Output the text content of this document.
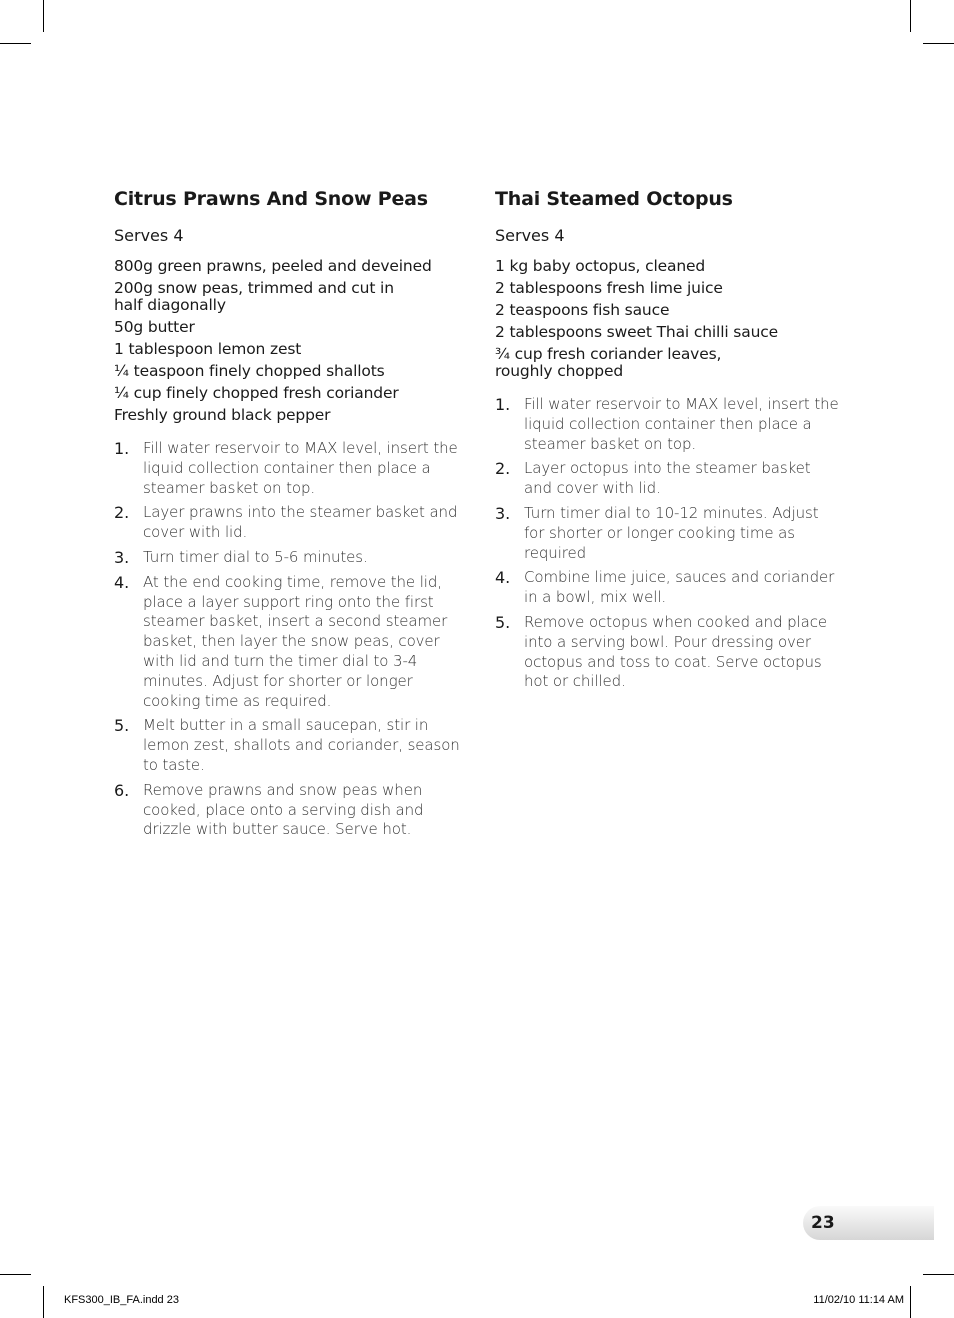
Citrus Prawns And Snow Peas
Serves 4
800g green prawns, peeled and deveined
200g snow peas, trimmed and cut in half diagonally
50g butter
1 tablespoon lemon zest
¼ teaspoon finely chopped shallots
¼ cup finely chopped fresh coriander
Freshly ground black pepper
1. Fill water reservoir to MAX level, insert the liquid collection container then place a steamer basket on top.
2. Layer prawns into the steamer basket and cover with lid.
3. Turn timer dial to 5-6 minutes.
4. At the end cooking time, remove the lid, place a layer support ring onto the first steamer basket, insert a second steamer basket, then layer the snow peas, cover with lid and turn the timer dial to 3-4 minutes. Adjust for shorter or longer cooking time as required.
5. Melt butter in a small saucepan, stir in lemon zest, shallots and coriander, season to taste.
6. Remove prawns and snow peas when cooked, place onto a serving dish and drizzle with butter sauce. Serve hot.
Thai Steamed Octopus
Serves 4
1 kg baby octopus, cleaned
2 tablespoons fresh lime juice
2 teaspoons fish sauce
2 tablespoons sweet Thai chilli sauce
¾ cup fresh coriander leaves, roughly chopped
1. Fill water reservoir to MAX level, insert the liquid collection container then place a steamer basket on top.
2. Layer octopus into the steamer basket and cover with lid.
3. Turn timer dial to 10-12 minutes. Adjust for shorter or longer cooking time as required
4. Combine lime juice, sauces and coriander in a bowl, mix well.
5. Remove octopus when cooked and place into a serving bowl. Pour dressing over octopus and toss to coat. Serve octopus hot or chilled.
23
KFS300_IB_FA.indd 23	11/02/10 11:14 AM
